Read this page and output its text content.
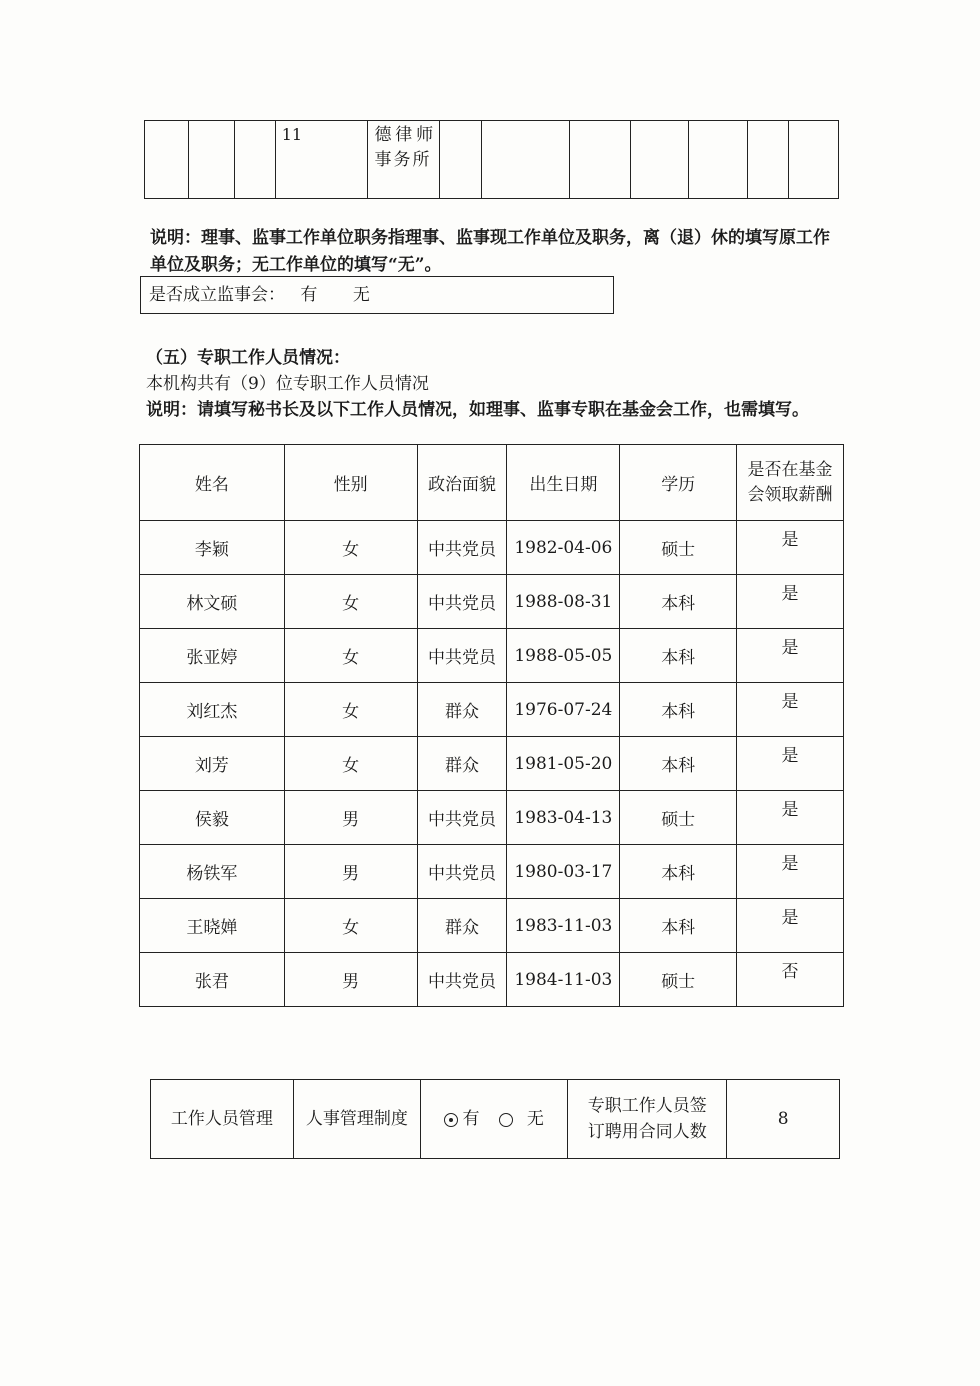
			11	德律师事务所							
说明：理事、监事工作单位职务指理事、监事现工作单位及职务，离（退）休的填写原工作单位及职务；无工作单位的填写“无”。
是否成立监事会： 有 无
（五）专职工作人员情况：
本机构共有（9）位专职工作人员情况
说明：请填写秘书长及以下工作人员情况，如理事、监事专职在基金会工作，也需填写。
姓名	性别	政治面貌	出生日期	学历	是否在基金会领取薪酬
李颖	女	中共党员	1982-04-06	硕士	是
林文硕	女	中共党员	1988-08-31	本科	是
张亚婷	女	中共党员	1988-05-05	本科	是
刘红杰	女	群众	1976-07-24	本科	是
刘芳	女	群众	1981-05-20	本科	是
侯毅	男	中共党员	1983-04-13	硕士	是
杨铁军	男	中共党员	1980-03-17	本科	是
王晓婵	女	群众	1983-11-03	本科	是
张君	男	中共党员	1984-11-03	硕士	否
工作人员管理	人事管理制度	有	无	专职工作人员签订聘用合同人数	8
